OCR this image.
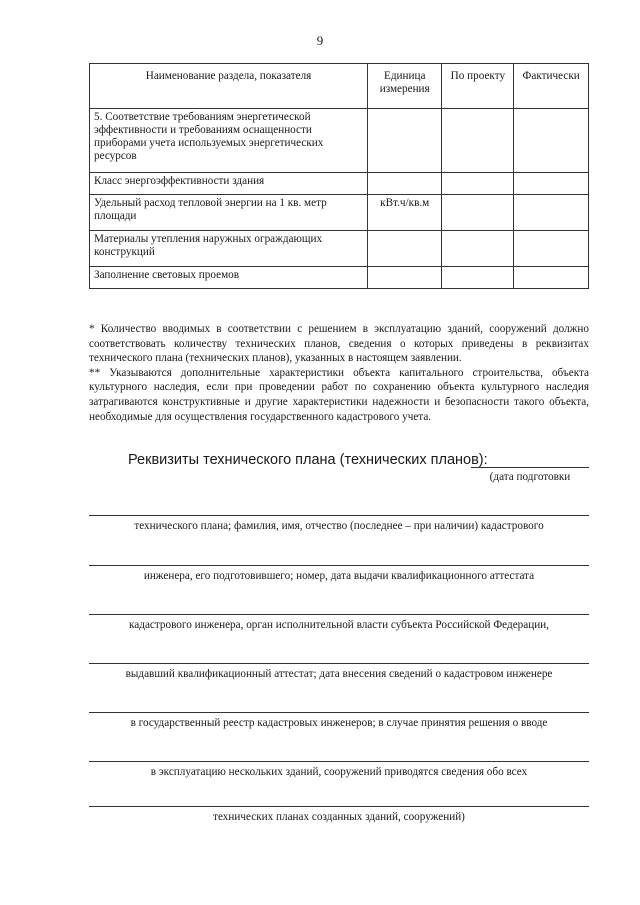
9
Наименование раздела, показателя	Единица измерения	По проекту	Фактически
5. Соответствие требованиям энергетической эффективности и требованиям оснащенности приборами учета используемых энергетических ресурсов			
Класс энергоэффективности здания			
Удельный расход тепловой энергии на 1 кв. метр площади	кВт.ч/кв.м		
Материалы утепления наружных ограждающих конструкций			
Заполнение световых проемов			

* Количество вводимых в соответствии с решением в эксплуатацию зданий, сооружений должно соответствовать количеству технических планов, сведения о которых приведены в реквизитах технического плана (технических планов), указанных в настоящем заявлении.

** Указываются дополнительные характеристики объекта капитального строительства, объекта культурного наследия, если при проведении работ по сохранению объекта культурного наследия затрагиваются конструктивные и другие характеристики надежности и безопасности такого объекта, необходимые для осуществления государственного кадастрового учета.

Реквизиты технического плана (технических планов):
(дата подготовки
технического плана; фамилия, имя, отчество (последнее – при наличии) кадастрового
инженера, его подготовившего; номер, дата выдачи квалификационного аттестата
кадастрового инженера, орган исполнительной власти субъекта Российской Федерации,
выдавший квалификационный аттестат; дата внесения сведений о кадастровом инженере
в государственный реестр кадастровых инженеров; в случае принятия решения о вводе
в эксплуатацию нескольких зданий, сооружений приводятся сведения обо всех
технических планах созданных зданий, сооружений)
